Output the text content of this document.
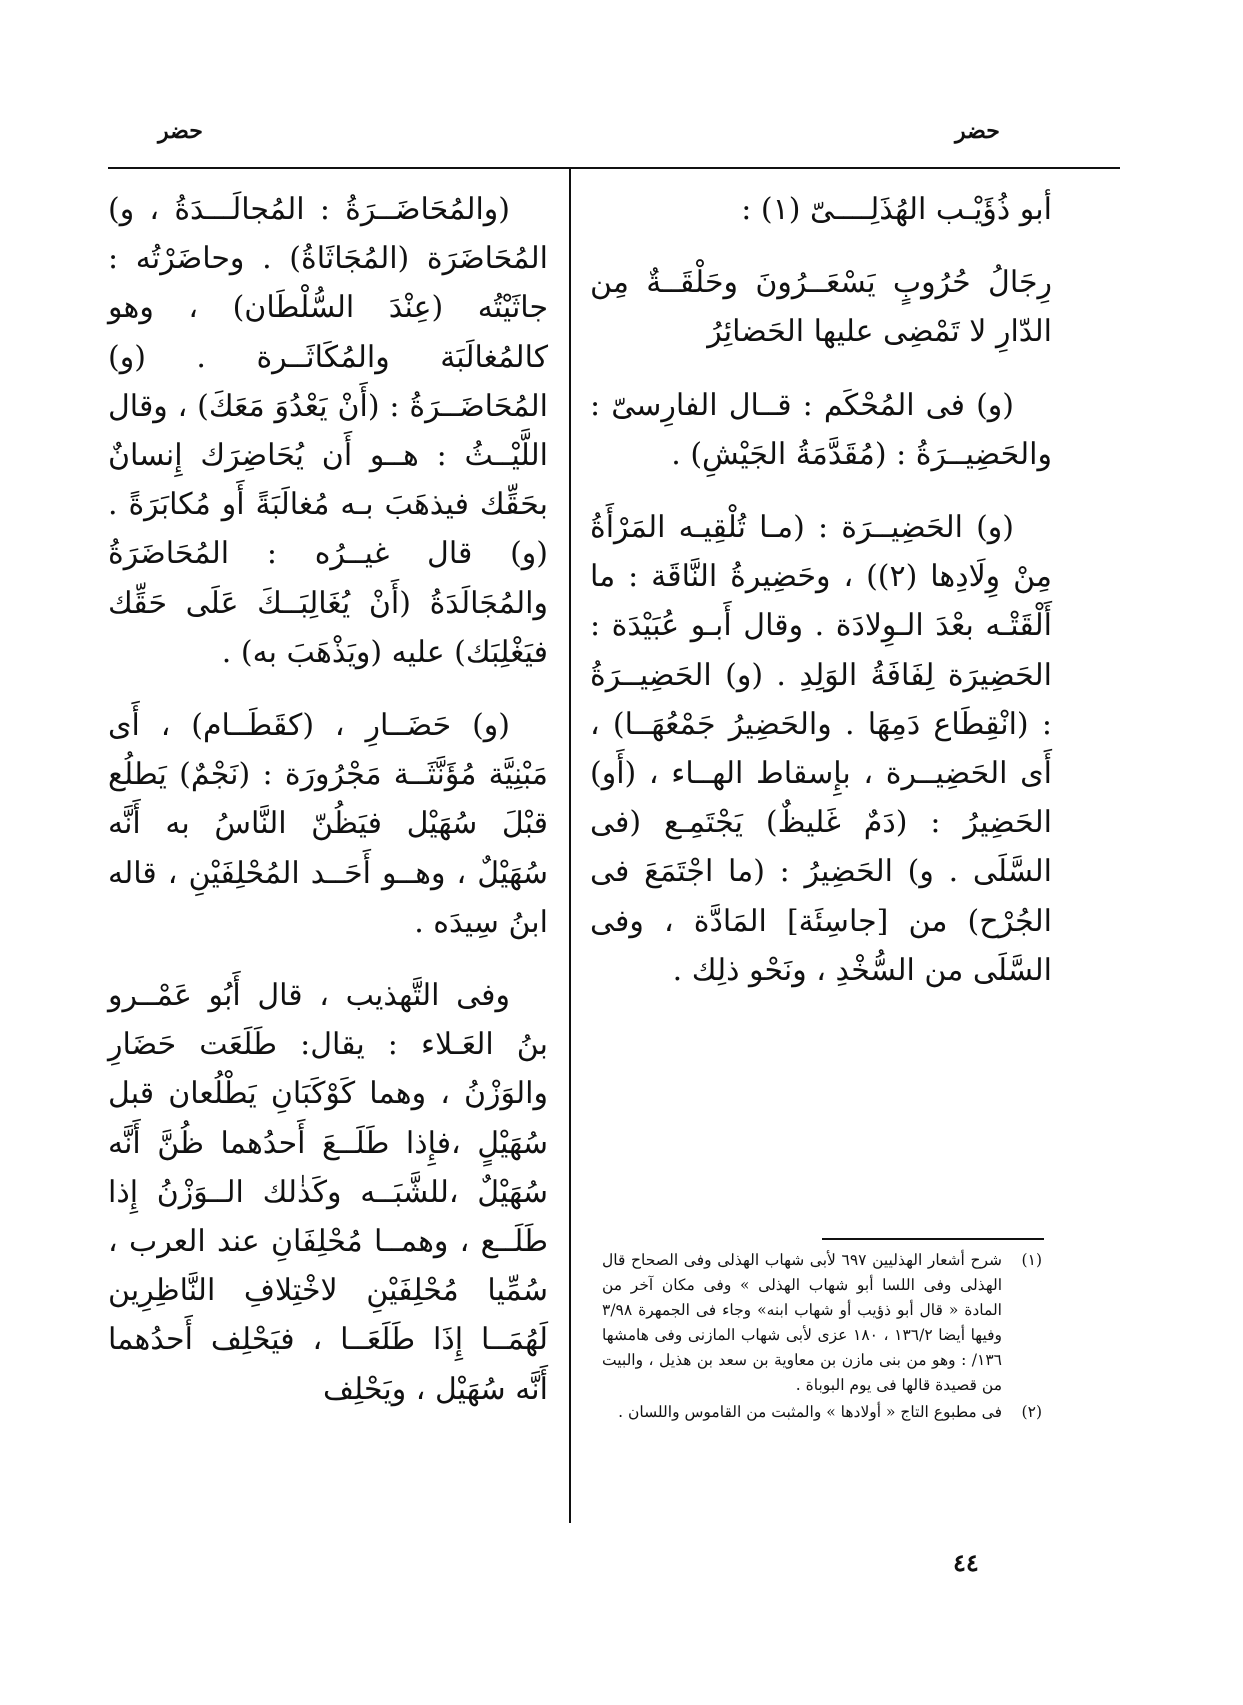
حضر
حضر

أبو ذُؤَيْـب الهُذَلِــــىّ (١) :

رِجَالُ حُرُوبٍ يَسْعَــرُونَ وحَلْقَــةٌ مِن الدّارِ لا تَمْضِى عليها الحَضائِرُ

(و) فى المُحْكَم : قــال الفارِسىّ : والحَضِيــرَةُ : (مُقَدَّمَةُ الجَيْشِ) .

(و) الحَضِيــرَة : (مـا تُلْقِيـه المَرْأَةُ مِنْ وِلَادِها (٢)) ، وحَضِيرةُ النَّاقَة : ما أَلْقَتْـه بعْدَ الـوِلادَة . وقال أَبـو عُبَيْدَة : الحَضِيرَة لِفَافَةُ الوَلِدِ . (و) الحَضِيــرَةُ : (انْقِطَاع دَمِهَا . والحَضِيرُ جَمْعُهَــا) ، أَى الحَضِيــرة ، بإِسقاط الهــاء ، (أَو) الحَضِيرُ : (دَمٌ غَليظٌ) يَجْتَمِـع (فى السَّلَى . و) الحَضِيرُ : (ما اجْتَمَعَ فى الجُرْح) من [جاسِئَة] المَادَّة ، وفى السَّلَى من السُّخْدِ ، ونَحْو ذلِك .

(والمُحَاضَــرَةُ : المُجالَـــدَةُ ، و) المُحَاضَرَة (المُجَاثَاةُ) . وحاضَرْتُه : جاثَيْتُه (عِنْدَ السُّلْطَان) ، وهو كالمُغالَبَة والمُكَاثَــرة . (و) المُحَاضَــرَةُ : (أَنْ يَعْدُوَ مَعَكَ) ، وقال اللَّيْــثُ : هــو أَن يُحَاضِرَك إِنسانٌ بحَقِّك فيذهَبَ بـه مُغالَبَةً أَو مُكابَرَةً . (و) قال غيــرُه : المُحَاضَرَةُ والمُجَالَدَةُ (أَنْ يُغَالِبَــكَ عَلَى حَقِّك فيَغْلِبَك) عليه (ويَذْهَبَ به) .

(و) حَضَــارِ ، (كقَطَــام) ، أَى مَبْنِيَّة مُؤَنَّثَــة مَجْرُورَة : (نَجْمٌ) يَطلُع قبْلَ سُهَيْل فيَظُنّ النَّاسُ به أَنَّه سُهَيْلٌ ، وهــو أَحَــد المُحْلِفَيْنِ ، قاله ابنُ سِيدَه .

وفى التَّهذيب ، قال أَبُو عَمْــرو بنُ العَـلاء : يقال: طَلَعَت حَضَارِ والوَزْنُ ، وهما كَوْكَبَانِ يَطْلُعان قبل سُهَيْلٍ ،فإِذا طَلَــعَ أَحدُهما ظُنَّ أَنَّه سُهَيْلٌ ،للشَّبَــه وكَذٰلك الــوَزْنُ إِذا طَلَــع ، وهمــا مُحْلِفَانِ عند العرب ، سُمِّيا مُحْلِفَيْنِ لاخْتِلافِ النَّاظِرِين لَهُمَــا إِذَا طَلَعَــا ، فيَحْلِف أَحدُهما أَنَّه سُهَيْل ، ويَحْلِف

(١)
شرح أشعار الهذليين ٦٩٧ لأبى شهاب الهذلى وفى الصحاح قال الهذلى وفى اللسا أبو شهاب الهذلى » وفى مكان آخر من المادة « قال أبو ذؤيب أو شهاب ابنه» وجاء فى الجمهرة ٣/٩٨ وفيها أيضا ١٣٦/٢ ، ١٨٠ عزى لأبى شهاب المازنى وفى هامشها ١٣٦/ : وهو من بنى مازن بن معاوية بن سعد بن هذيل ، والبيت من قصيدة قالها فى يوم البوباة .
(٢)
فى مطبوع التاج « أولادها » والمثبت من القاموس واللسان .
٤٤
